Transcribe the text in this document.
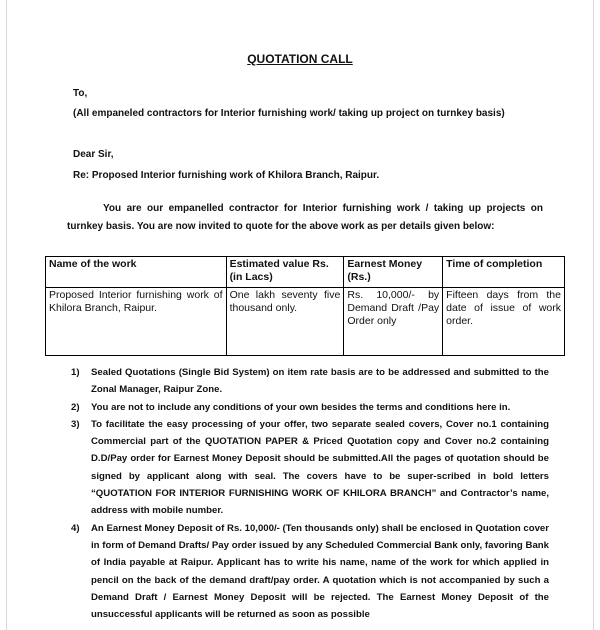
QUOTATION CALL
To,
(All empaneled contractors for Interior furnishing work/ taking up project on turnkey basis)
Dear Sir,
Re: Proposed Interior furnishing work of Khilora Branch, Raipur.
You are our empanelled contractor for Interior furnishing work / taking up projects on turnkey basis. You are now invited to quote for the above work as per details given below:
Name of the work	Estimated value Rs. (in Lacs)	Earnest Money (Rs.)	Time of completion
Proposed Interior furnishing work of Khilora Branch, Raipur.	One lakh seventy five thousand only.	Rs. 10,000/- by Demand Draft /Pay Order only	Fifteen days from the date of issue of work order.
1) Sealed Quotations (Single Bid System) on item rate basis are to be addressed and submitted to the Zonal Manager, Raipur Zone.
2) You are not to include any conditions of your own besides the terms and conditions here in.
3) To facilitate the easy processing of your offer, two separate sealed covers, Cover no.1 containing Commercial part of the QUOTATION PAPER & Priced Quotation copy and Cover no.2 containing D.D/Pay order for Earnest Money Deposit should be submitted.All the pages of quotation should be signed by applicant along with seal. The covers have to be super-scribed in bold letters “QUOTATION FOR INTERIOR FURNISHING WORK OF KHILORA BRANCH” and Contractor’s name, address with mobile number.
4) An Earnest Money Deposit of Rs. 10,000/- (Ten thousands only) shall be enclosed in Quotation cover in form of Demand Drafts/ Pay order issued by any Scheduled Commercial Bank only, favoring Bank of India payable at Raipur. Applicant has to write his name, name of the work for which applied in pencil on the back of the demand draft/pay order. A quotation which is not accompanied by such a Demand Draft / Earnest Money Deposit will be rejected. The Earnest Money Deposit of the unsuccessful applicants will be returned as soon as possible
